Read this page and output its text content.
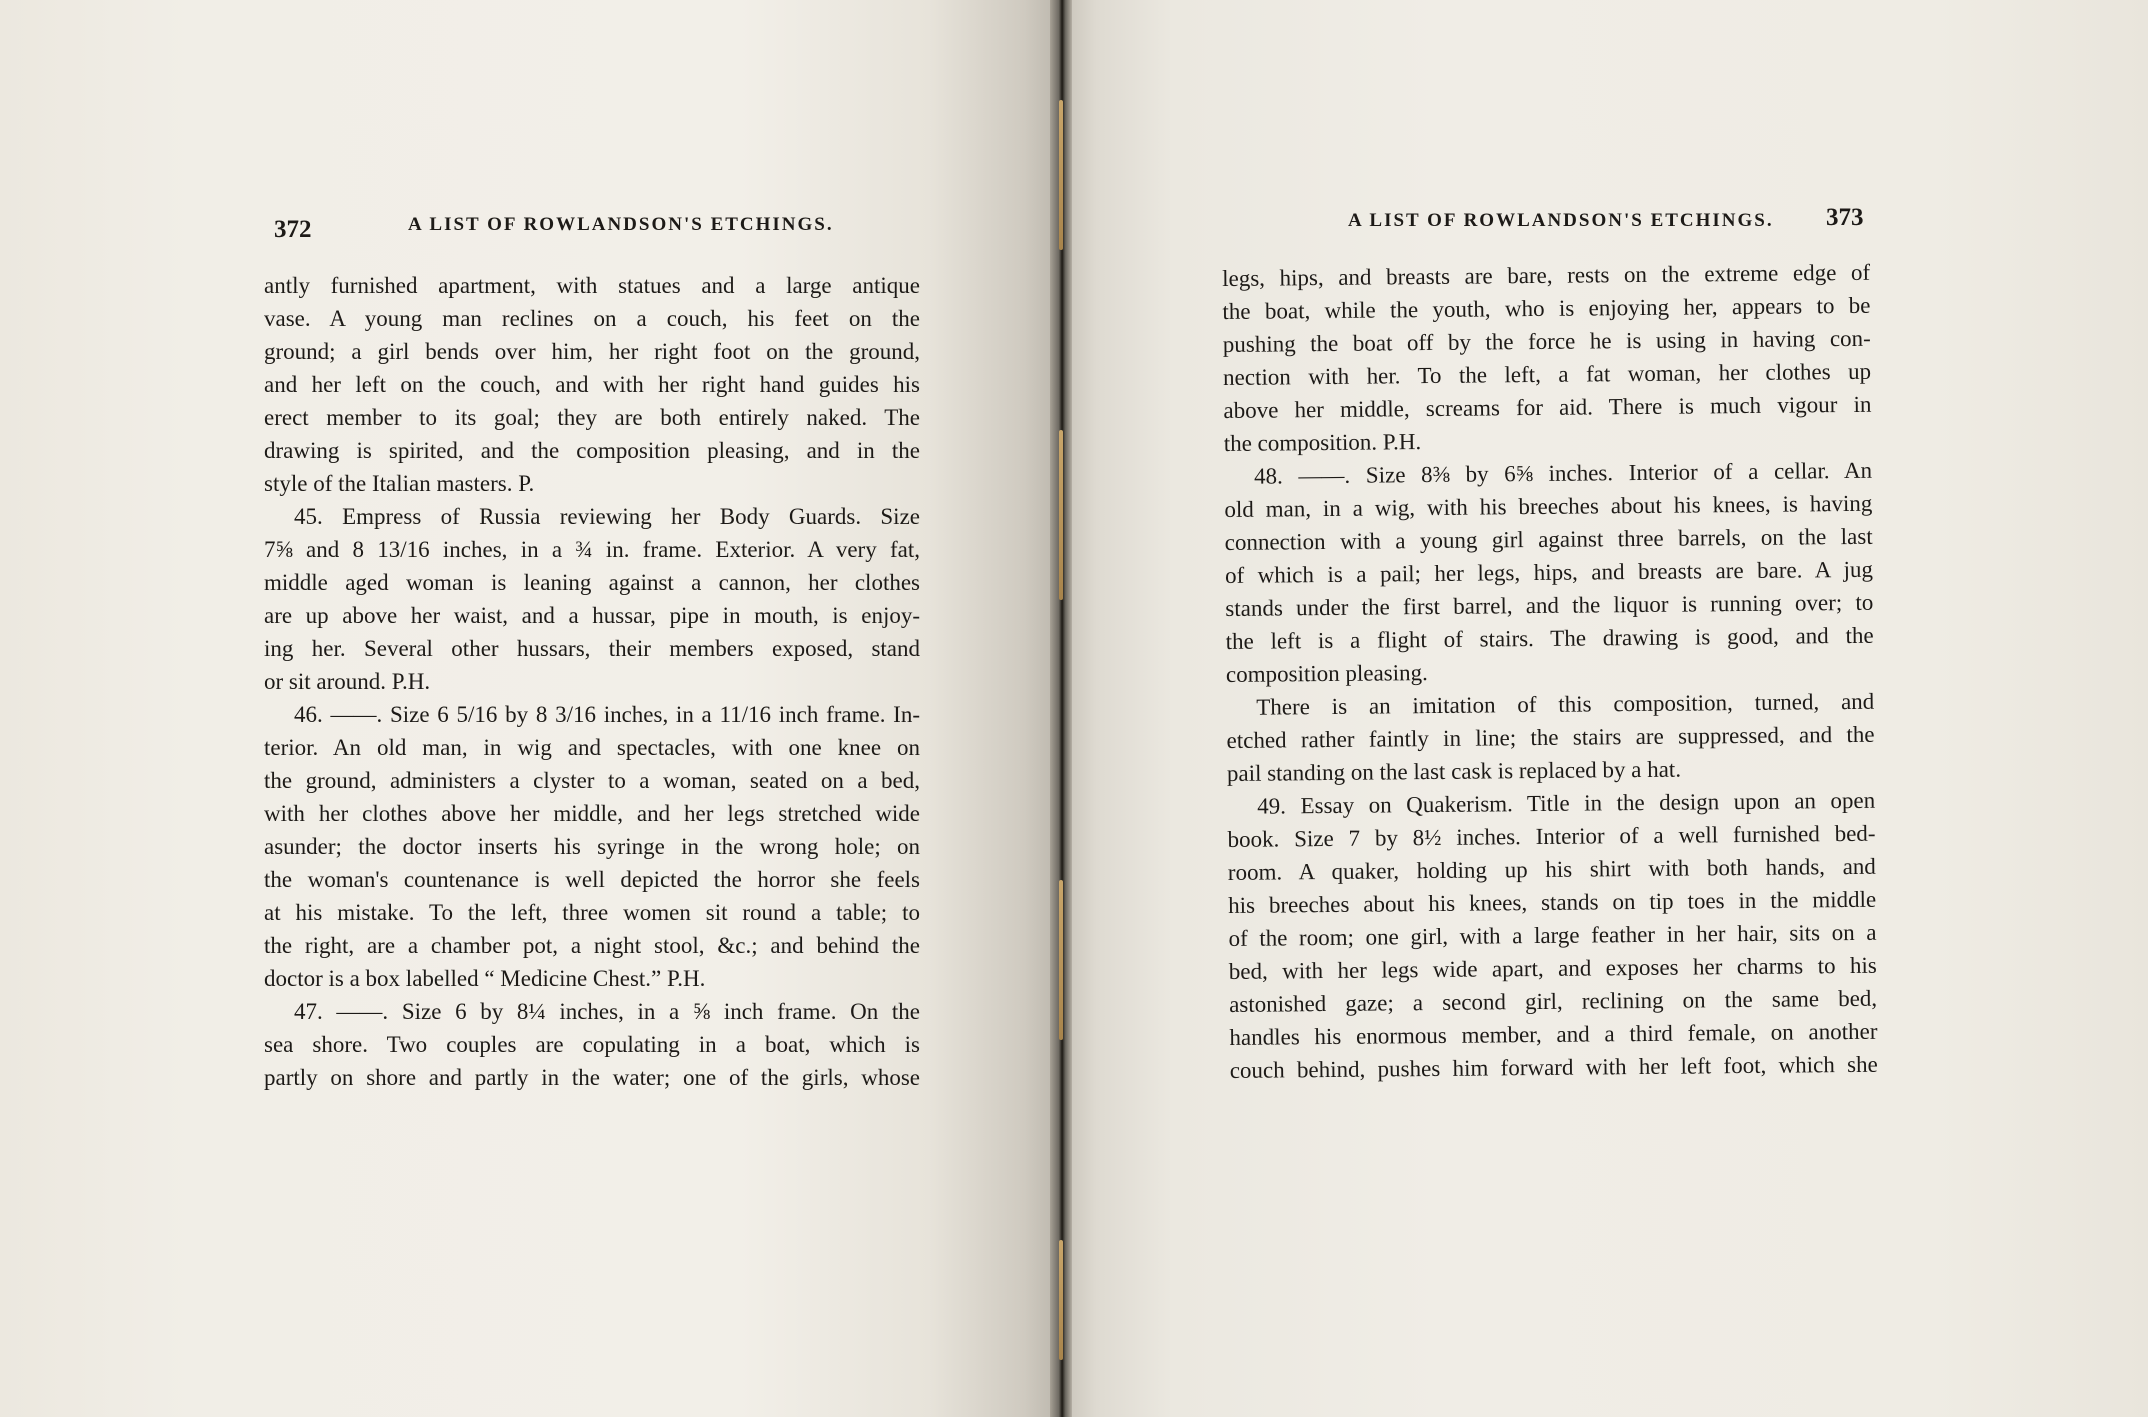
372	A LIST OF ROWLANDSON'S ETCHINGS.
antly furnished apartment, with statues and a large antique
vase. A young man reclines on a couch, his feet on the
ground; a girl bends over him, her right foot on the ground,
and her left on the couch, and with her right hand guides his
erect member to its goal; they are both entirely naked. The
drawing is spirited, and the composition pleasing, and in the
style of the Italian masters. P.
45. Empress of Russia reviewing her Body Guards. Size
7⅝ and 8 13/16 inches, in a ¾ in. frame. Exterior. A very fat,
middle aged woman is leaning against a cannon, her clothes
are up above her waist, and a hussar, pipe in mouth, is enjoy-
ing her. Several other hussars, their members exposed, stand
or sit around. P.H.
46. ——. Size 6 5/16 by 8 3/16 inches, in a 11/16 inch frame. In-
terior. An old man, in wig and spectacles, with one knee on
the ground, administers a clyster to a woman, seated on a bed,
with her clothes above her middle, and her legs stretched wide
asunder; the doctor inserts his syringe in the wrong hole; on
the woman's countenance is well depicted the horror she feels
at his mistake. To the left, three women sit round a table; to
the right, are a chamber pot, a night stool, &c.; and behind the
doctor is a box labelled “ Medicine Chest.” P.H.
47. ——. Size 6 by 8¼ inches, in a ⅝ inch frame. On the
sea shore. Two couples are copulating in a boat, which is
partly on shore and partly in the water; one of the girls, whose
A LIST OF ROWLANDSON'S ETCHINGS. 373
legs, hips, and breasts are bare, rests on the extreme edge of
the boat, while the youth, who is enjoying her, appears to be
pushing the boat off by the force he is using in having con-
nection with her. To the left, a fat woman, her clothes up
above her middle, screams for aid. There is much vigour in
the composition. P.H.
48. ——. Size 8⅜ by 6⅝ inches. Interior of a cellar. An
old man, in a wig, with his breeches about his knees, is having
connection with a young girl against three barrels, on the last
of which is a pail; her legs, hips, and breasts are bare. A jug
stands under the first barrel, and the liquor is running over; to
the left is a flight of stairs. The drawing is good, and the
composition pleasing.
There is an imitation of this composition, turned, and
etched rather faintly in line; the stairs are suppressed, and the
pail standing on the last cask is replaced by a hat.
49. Essay on Quakerism. Title in the design upon an open
book. Size 7 by 8½ inches. Interior of a well furnished bed-
room. A quaker, holding up his shirt with both hands, and
his breeches about his knees, stands on tip toes in the middle
of the room; one girl, with a large feather in her hair, sits on a
bed, with her legs wide apart, and exposes her charms to his
astonished gaze; a second girl, reclining on the same bed,
handles his enormous member, and a third female, on another
couch behind, pushes him forward with her left foot, which she
